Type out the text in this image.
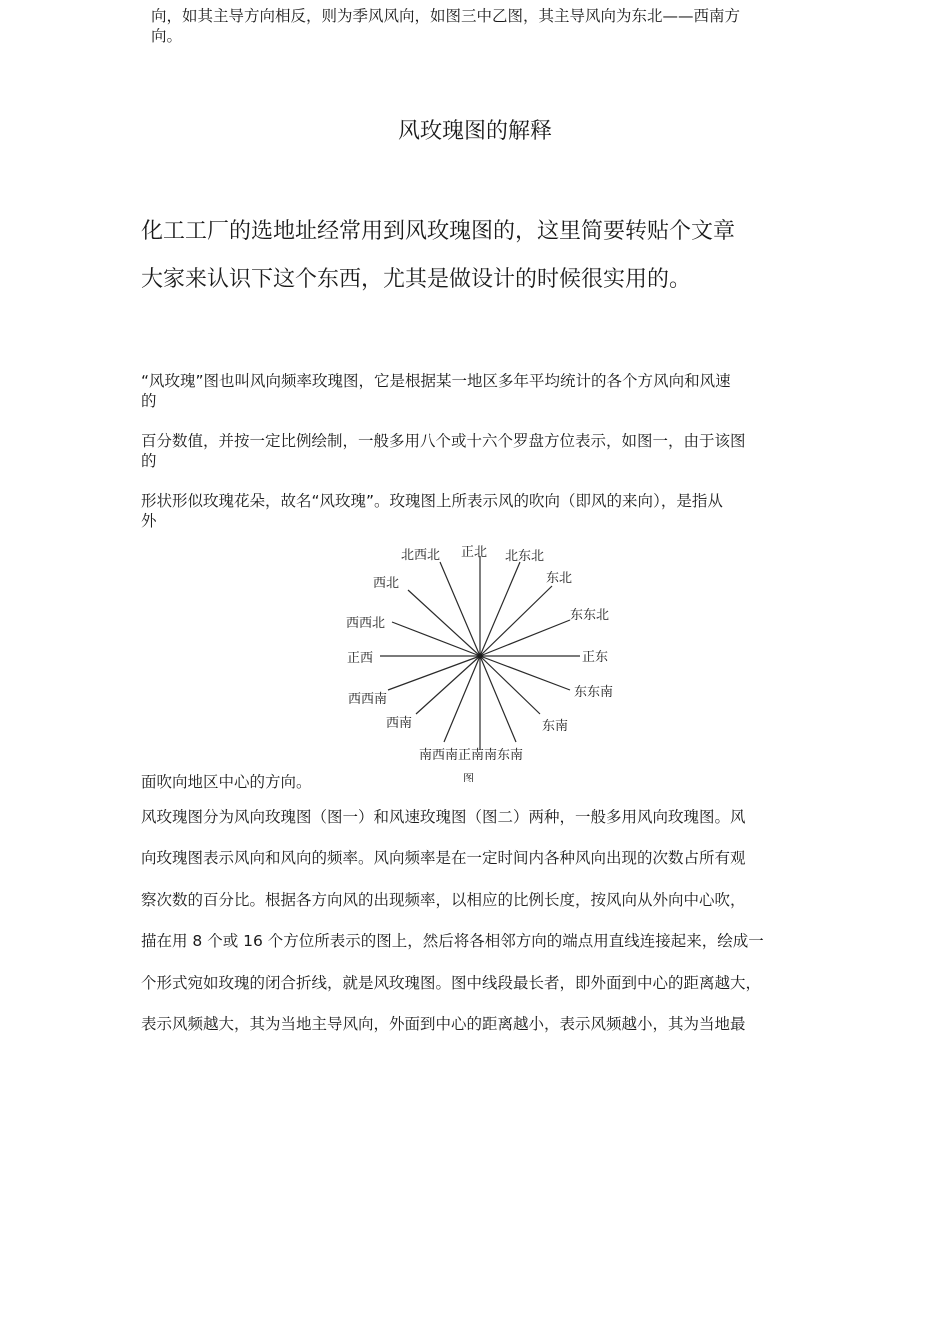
向，如其主导方向相反，则为季风风向，如图三中乙图，其主导风向为东北——西南方

向。

风玫瑰图的解释

化工工厂的选地址经常用到风玫瑰图的，这里简要转贴个文章

大家来认识下这个东西，尤其是做设计的时候很实用的。

“风玫瑰”图也叫风向频率玫瑰图，它是根据某一地区多年平均统计的各个方风向和风速

的

百分数值，并按一定比例绘制，一般多用八个或十六个罗盘方位表示，如图一，由于该图

的

形状形似玫瑰花朵，故名“风玫瑰”。玫瑰图上所表示风的吹向（即风的来向），是指从

外

正北
北西北	北东北
西北	东北
西西北
东东北
正西	正东
西西南	东东南
西南	东南
南西南正南南东南

面吹向地区中心的方向。	图

风玫瑰图分为风向玫瑰图（图一）和风速玫瑰图（图二）两种，一般多用风向玫瑰图。风

向玫瑰图表示风向和风向的频率。风向频率是在一定时间内各种风向出现的次数占所有观

察次数的百分比。根据各方向风的出现频率，以相应的比例长度，按风向从外向中心吹，

描在用 8 个或 16 个方位所表示的图上，然后将各相邻方向的端点用直线连接起来，绘成一

个形式宛如玫瑰的闭合折线，就是风玫瑰图。图中线段最长者，即外面到中心的距离越大，

表示风频越大，其为当地主导风向，外面到中心的距离越小，表示风频越小，其为当地最
